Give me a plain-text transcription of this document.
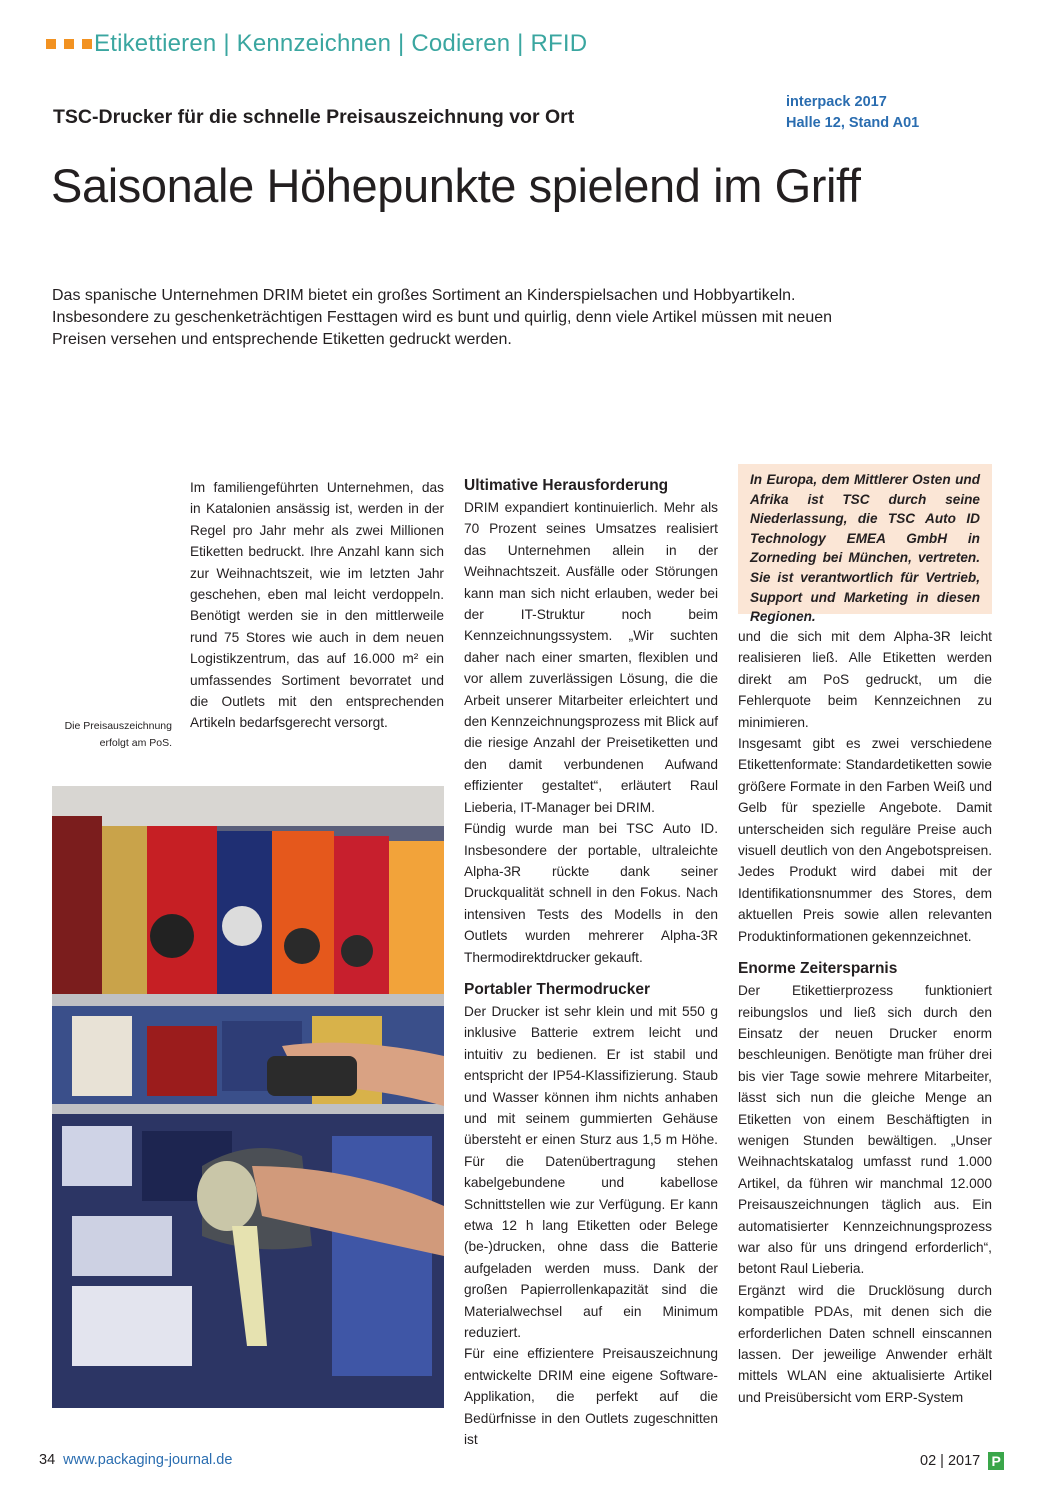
Etikettieren | Kennzeichnen | Codieren | RFID
TSC-Drucker für die schnelle Preisauszeichnung vor Ort
interpack 2017
Halle 12, Stand A01
Saisonale Höhepunkte spielend im Griff
Das spanische Unternehmen DRIM bietet ein großes Sortiment an Kinderspielsachen und Hobbyartikeln. Insbesondere zu geschenketrächtigen Festtagen wird es bunt und quirlig, denn viele Artikel müssen mit neuen Preisen versehen und entsprechende Etiketten gedruckt werden.
Die Preisauszeichnung erfolgt am PoS.

Im familiengeführten Unternehmen, das in Katalonien ansässig ist, werden in der Regel pro Jahr mehr als zwei Millionen Etiketten bedruckt. Ihre Anzahl kann sich zur Weihnachtszeit, wie im letzten Jahr geschehen, eben mal leicht verdoppeln. Benötigt werden sie in den mittlerweile rund 75 Stores wie auch in dem neuen Logistikzentrum, das auf 16.000 m² ein umfassendes Sortiment bevorratet und die Outlets mit den entsprechenden Artikeln bedarfsgerecht versorgt.

Ultimative Herausforderung

DRIM expandiert kontinuierlich. Mehr als 70 Prozent seines Umsatzes realisiert das Unternehmen allein in der Weihnachtszeit. Ausfälle oder Störungen kann man sich nicht erlauben, weder bei der IT-Struktur noch beim Kennzeichnungssystem. „Wir suchten daher nach einer smarten, flexiblen und vor allem zuverlässigen Lösung, die die Arbeit unserer Mitarbeiter erleichtert und den Kennzeichnungsprozess mit Blick auf die riesige Anzahl der Preisetiketten und den damit verbundenen Aufwand effizienter gestaltet“, erläutert Raul Lieberia, IT-Manager bei DRIM.

Fündig wurde man bei TSC Auto ID. Insbesondere der portable, ultraleichte Alpha-3R rückte dank seiner Druckqualität schnell in den Fokus. Nach intensiven Tests des Modells in den Outlets wurden mehrerer Alpha-3R Thermodirektdrucker gekauft.

Portabler Thermodrucker

Der Drucker ist sehr klein und mit 550 g inklusive Batterie extrem leicht und intuitiv zu bedienen. Er ist stabil und entspricht der IP54-Klassifizierung. Staub und Wasser können ihm nichts anhaben und mit seinem gummierten Gehäuse übersteht er einen Sturz aus 1,5 m Höhe. Für die Datenübertragung stehen kabelgebundene und kabellose Schnittstellen wie zur Verfügung. Er kann etwa 12 h lang Etiketten oder Belege (be-)drucken, ohne dass die Batterie aufgeladen werden muss. Dank der großen Papierrollenkapazität sind die Materialwechsel auf ein Minimum reduziert.

Für eine effizientere Preisauszeichnung entwickelte DRIM eine eigene Software-Applikation, die perfekt auf die Bedürfnisse in den Outlets zugeschnitten ist

In Europa, dem Mittlerer Osten und Afrika ist TSC durch seine Niederlassung, die TSC Auto ID Technology EMEA GmbH in Zorneding bei München, vertreten. Sie ist verantwortlich für Vertrieb, Support und Marketing in diesen Regionen.

und die sich mit dem Alpha-3R leicht realisieren ließ. Alle Etiketten werden direkt am PoS gedruckt, um die Fehlerquote beim Kennzeichnen zu minimieren.

Insgesamt gibt es zwei verschiedene Etikettenformate: Standardetiketten sowie größere Formate in den Farben Weiß und Gelb für spezielle Angebote. Damit unterscheiden sich reguläre Preise auch visuell deutlich von den Angebotspreisen. Jedes Produkt wird dabei mit der Identifikationsnummer des Stores, dem aktuellen Preis sowie allen relevanten Produktinformationen gekennzeichnet.

Enorme Zeitersparnis

Der Etikettierprozess funktioniert reibungslos und ließ sich durch den Einsatz der neuen Drucker enorm beschleunigen. Benötigte man früher drei bis vier Tage sowie mehrere Mitarbeiter, lässt sich nun die gleiche Menge an Etiketten von einem Beschäftigten in wenigen Stunden bewältigen. „Unser Weihnachtskatalog umfasst rund 1.000 Artikel, da führen wir manchmal 12.000 Preisauszeichnungen täglich aus. Ein automatisierter Kennzeichnungsprozess war also für uns dringend erforderlich“, betont Raul Lieberia.

Ergänzt wird die Drucklösung durch kompatible PDAs, mit denen sich die erforderlichen Daten schnell einscannen lassen. Der jeweilige Anwender erhält mittels WLAN eine aktualisierte Artikel und Preisübersicht vom ERP-System

34 www.packaging-journal.de	02 | 2017 P
